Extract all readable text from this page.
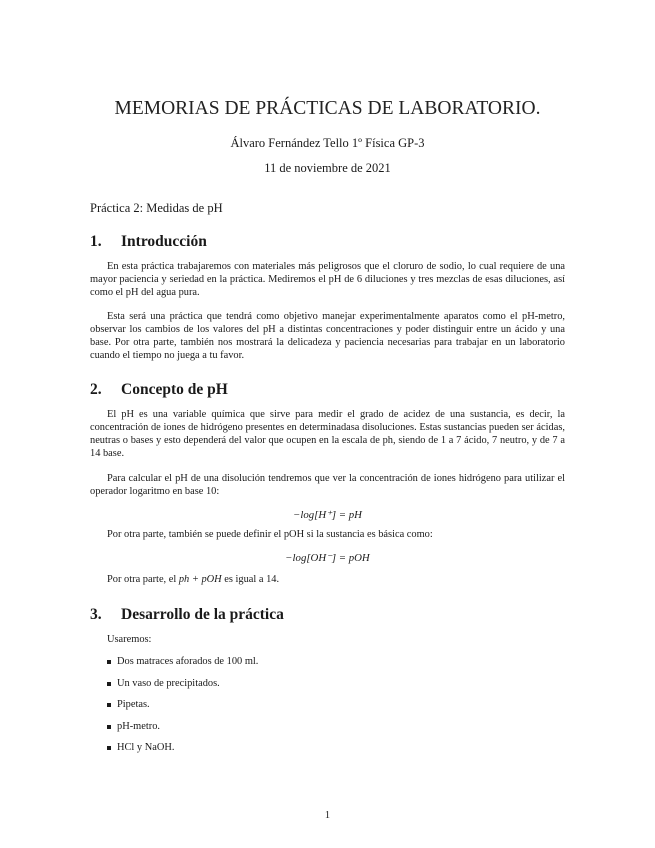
MEMORIAS DE PRÁCTICAS DE LABORATORIO.
Álvaro Fernández Tello 1º Física GP-3
11 de noviembre de 2021
Práctica 2: Medidas de pH
1. Introducción

En esta práctica trabajaremos con materiales más peligrosos que el cloruro de sodio, lo cual requiere de una mayor paciencia y seriedad en la práctica. Mediremos el pH de 6 diluciones y tres mezclas de esas diluciones, así como el pH del agua pura.

Esta será una práctica que tendrá como objetivo manejar experimentalmente aparatos como el pH-metro, observar los cambios de los valores del pH a distintas concentraciones y poder distinguir entre un ácido y una base. Por otra parte, también nos mostrará la delicadeza y paciencia necesarias para trabajar en un laboratorio cuando el tiempo no juega a tu favor.

2. Concepto de pH

El pH es una variable química que sirve para medir el grado de acidez de una sustancia, es decir, la concentración de iones de hidrógeno presentes en determinadasa disoluciones. Estas sustancias pueden ser ácidas, neutras o bases y esto dependerá del valor que ocupen en la escala de ph, siendo de 1 a 7 ácido, 7 neutro, y de 7 a 14 base.

Para calcular el pH de una disolución tendremos que ver la concentración de iones hidrógeno para utilizar el operador logaritmo en base 10:

−log[H⁺] = pH
Por otra parte, también se puede definir el pOH si la sustancia es básica como:
−log[OH⁻] = pOH
Por otra parte, el ph + pOH es igual a 14.
3. Desarrollo de la práctica
Usaremos:
Dos matraces aforados de 100 ml.
Un vaso de precipitados.
Pipetas.
pH-metro.
HCl y NaOH.
1
